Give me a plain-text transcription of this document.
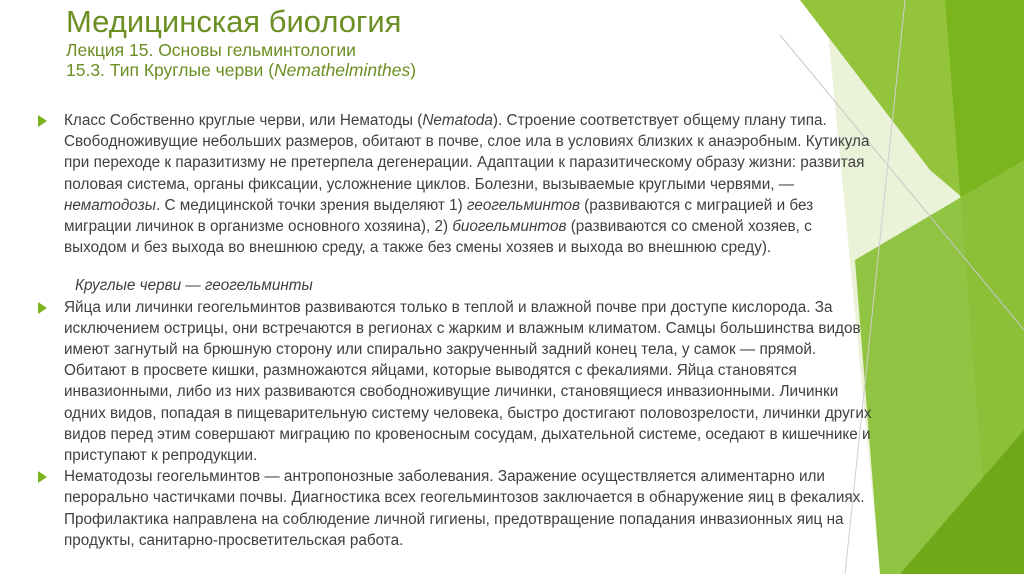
Медицинская биология
Лекция 15. Основы гельминтологии
15.3. Тип Круглые черви (Nemathelminthes)
Класс Собственно круглые черви, или Нематоды (Nematoda). Строение соответствует общему плану типа. Свободноживущие небольших размеров, обитают в почве, слое ила в условиях близких к анаэробным. Кутикула при переходе к паразитизму не претерпела дегенерации. Адаптации к паразитическому образу жизни: развитая половая система, органы фиксации, усложнение циклов. Болезни, вызываемые круглыми червями, — нематодозы. С медицинской точки зрения выделяют 1) геогельминтов (развиваются с миграцией и без миграции личинок в организме основного хозяина), 2) биогельминтов (развиваются со сменой хозяев, с выходом и без выхода во внешнюю среду, а также без смены хозяев и выхода во внешнюю среду).
Круглые черви — геогельминты
Яйца или личинки геогельминтов развиваются только в теплой и влажной почве при доступе кислорода. За исключением острицы, они встречаются в регионах с жарким и влажным климатом. Самцы большинства видов имеют загнутый на брюшную сторону или спирально закрученный задний конец тела, у самок — прямой. Обитают в просвете кишки, размножаются яйцами, которые выводятся с фекалиями. Яйца становятся инвазионными, либо из них развиваются свободноживущие личинки, становящиеся инвазионными. Личинки одних видов, попадая в пищеварительную систему человека, быстро достигают половозрелости, личинки других видов перед этим совершают миграцию по кровеносным сосудам, дыхательной системе, оседают в кишечнике и приступают к репродукции.
Нематодозы геогельминтов — антропонозные заболевания. Заражение осуществляется алиментарно или перорально частичками почвы. Диагностика всех геогельминтозов заключается в обнаружение яиц в фекалиях. Профилактика направлена на соблюдение личной гигиены, предотвращение попадания инвазионных яиц на продукты, санитарно-просветительская работа.
